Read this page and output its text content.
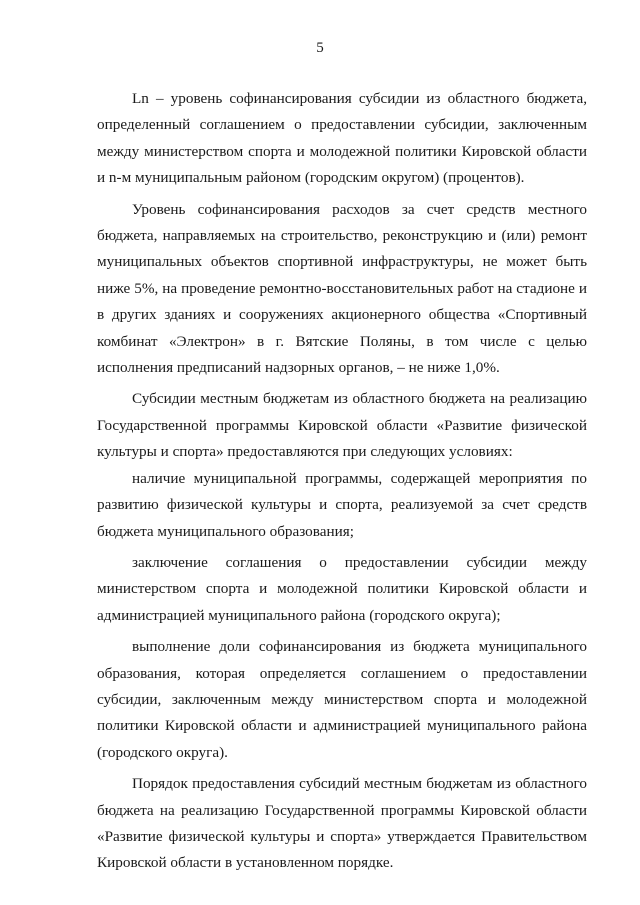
5

Ln – уровень софинансирования субсидии из областного бюджета, определенный соглашением о предоставлении субсидии, заключенным между министерством спорта и молодежной политики Кировской области и n-м муниципальным районом (городским округом) (процентов).

Уровень софинансирования расходов за счет средств местного бюджета, направляемых на строительство, реконструкцию и (или) ремонт муниципальных объектов спортивной инфраструктуры, не может быть ниже 5%, на проведение ремонтно-восстановительных работ на стадионе и в других зданиях и сооружениях акционерного общества «Спортивный комбинат «Электрон» в г. Вятские Поляны, в том числе с целью исполнения предписаний надзорных органов, – не ниже 1,0%.

Субсидии местным бюджетам из областного бюджета на реализацию Государственной программы Кировской области «Развитие физической культуры и спорта» предоставляются при следующих условиях:

наличие муниципальной программы, содержащей мероприятия по развитию физической культуры и спорта, реализуемой за счет средств бюджета муниципального образования;

заключение соглашения о предоставлении субсидии между министерством спорта и молодежной политики Кировской области и администрацией муниципального района (городского округа);

выполнение доли софинансирования из бюджета муниципального образования, которая определяется соглашением о предоставлении субсидии, заключенным между министерством спорта и молодежной политики Кировской области и администрацией муниципального района (городского округа).

Порядок предоставления субсидий местным бюджетам из областного бюджета на реализацию Государственной программы Кировской области «Развитие физической культуры и спорта» утверждается Правительством Кировской области в установленном порядке.
